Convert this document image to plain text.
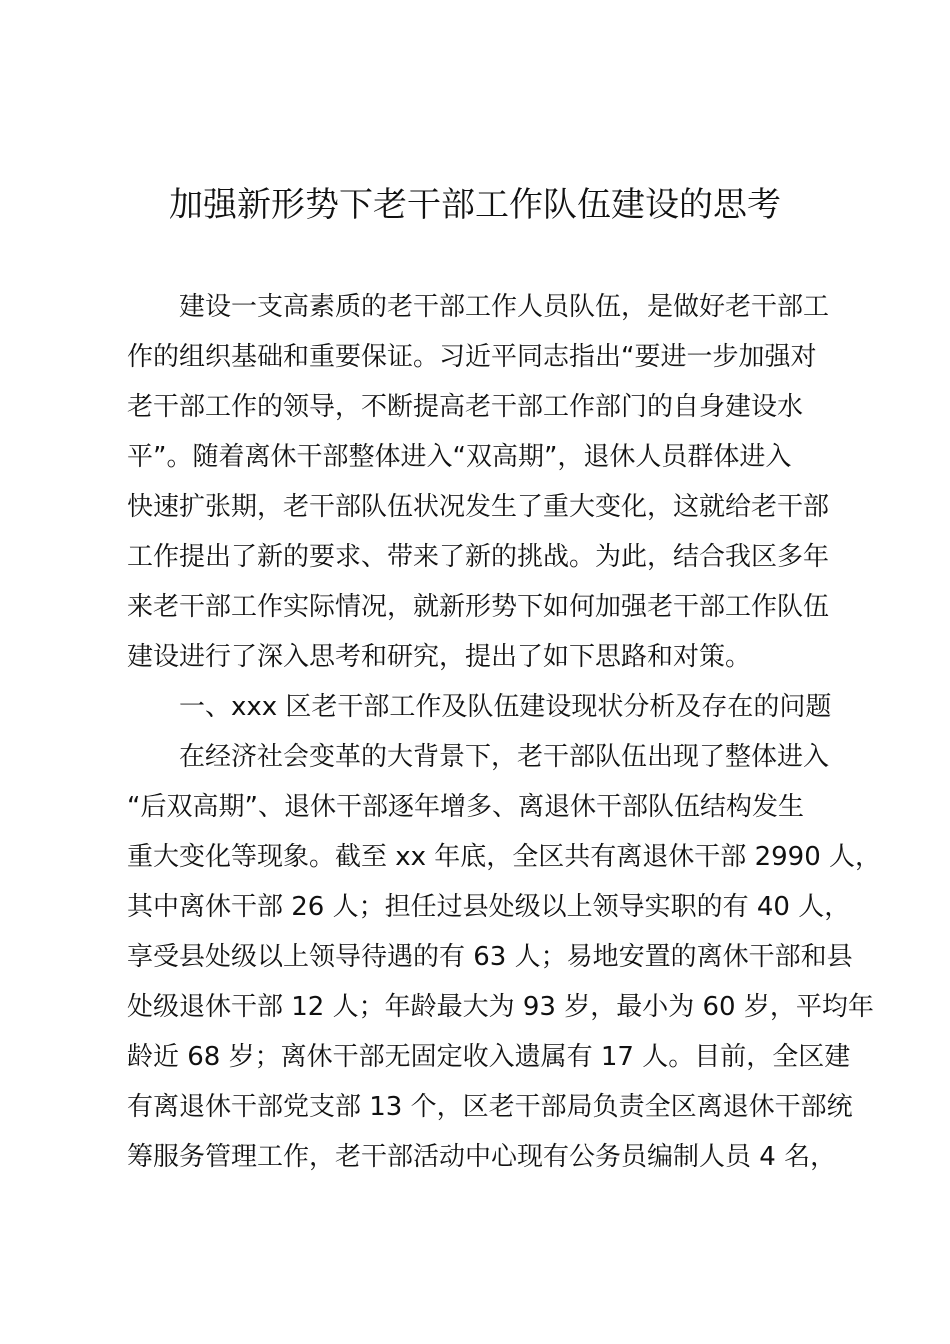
加强新形势下老干部工作队伍建设的思考
建设一支高素质的老干部工作人员队伍，是做好老干部工
作的组织基础和重要保证。习近平同志指出“要进一步加强对
老干部工作的领导，不断提高老干部工作部门的自身建设水
平”。随着离休干部整体进入“双高期”，退休人员群体进入
快速扩张期，老干部队伍状况发生了重大变化，这就给老干部
工作提出了新的要求、带来了新的挑战。为此，结合我区多年
来老干部工作实际情况，就新形势下如何加强老干部工作队伍
建设进行了深入思考和研究，提出了如下思路和对策。
一、xxx 区老干部工作及队伍建设现状分析及存在的问题
在经济社会变革的大背景下，老干部队伍出现了整体进入
“后双高期”、退休干部逐年增多、离退休干部队伍结构发生
重大变化等现象。截至 xx 年底，全区共有离退休干部 2990 人，
其中离休干部 26 人；担任过县处级以上领导实职的有 40 人，
享受县处级以上领导待遇的有 63 人；易地安置的离休干部和县
处级退休干部 12 人；年龄最大为 93 岁，最小为 60 岁，平均年
龄近 68 岁；离休干部无固定收入遗属有 17 人。目前，全区建
有离退休干部党支部 13 个，区老干部局负责全区离退休干部统
筹服务管理工作，老干部活动中心现有公务员编制人员 4 名，
